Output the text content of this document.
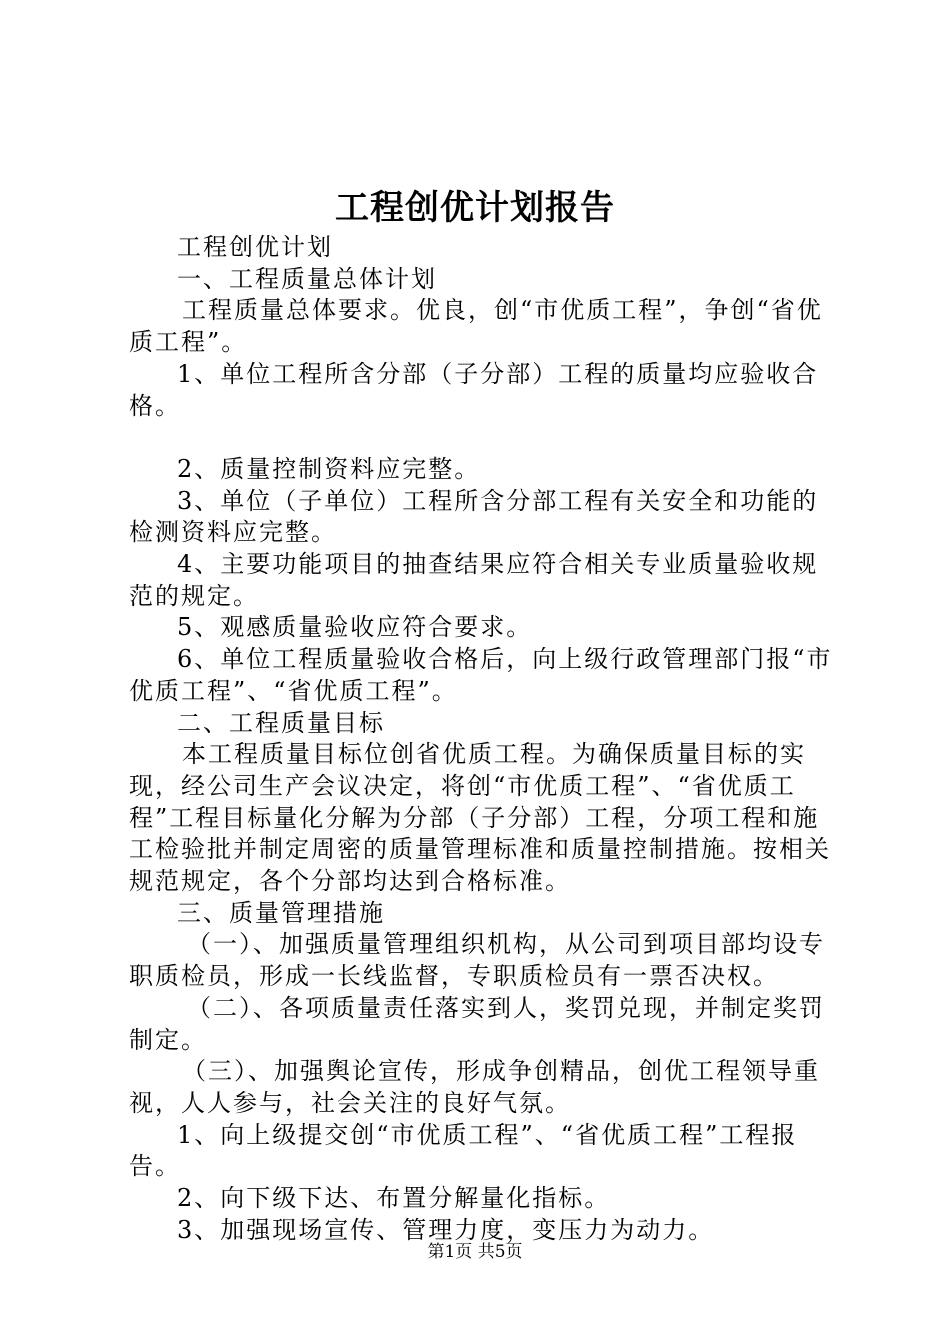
工程创优计划报告

工程创优计划

一、工程质量总体计划

工程质量总体要求。优良，创“市优质工程”，争创“省优质工程”。

1、单位工程所含分部（子分部）工程的质量均应验收合格。

2、质量控制资料应完整。

3、单位（子单位）工程所含分部工程有关安全和功能的检测资料应完整。

4、主要功能项目的抽查结果应符合相关专业质量验收规范的规定。

5、观感质量验收应符合要求。

6、单位工程质量验收合格后，向上级行政管理部门报“市优质工程”、“省优质工程”。

二、工程质量目标

本工程质量目标位创省优质工程。为确保质量目标的实现，经公司生产会议决定，将创“市优质工程”、“省优质工程”工程目标量化分解为分部（子分部）工程，分项工程和施工检验批并制定周密的质量管理标准和质量控制措施。按相关规范规定，各个分部均达到合格标准。

三、质量管理措施

（一）、加强质量管理组织机构，从公司到项目部均设专职质检员，形成一长线监督，专职质检员有一票否决权。

（二）、各项质量责任落实到人，奖罚兑现，并制定奖罚制定。

（三）、加强舆论宣传，形成争创精品，创优工程领导重视，人人参与，社会关注的良好气氛。

1、向上级提交创“市优质工程”、“省优质工程”工程报告。

2、向下级下达、布置分解量化指标。

3、加强现场宣传、管理力度，变压力为动力。

第1页 共5页
